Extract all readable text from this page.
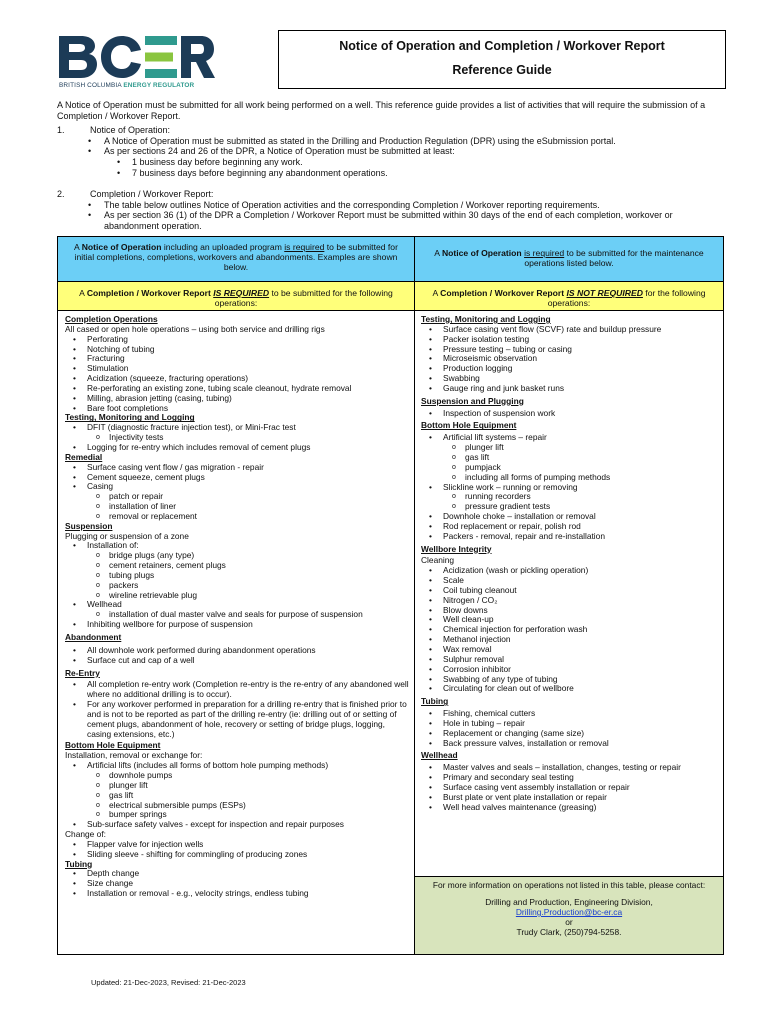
BRITISH COLUMBIA ENERGY REGULATOR
Notice of Operation and Completion / Workover Report
Reference Guide

A Notice of Operation must be submitted for all work being performed on a well. This reference guide provides a list of activities that will require the submission of a Completion / Workover Report.

1.	Notice of Operation:
• A Notice of Operation must be submitted as stated in the Drilling and Production Regulation (DPR) using the eSubmission portal.
• As per sections 24 and 26 of the DPR, a Notice of Operation must be submitted at least:
• 1 business day before beginning any work.
• 7 business days before beginning any abandonment operations.
2.	Completion / Workover Report:
• The table below outlines Notice of Operation activities and the corresponding Completion / Workover reporting requirements.
• As per section 36 (1) of the DPR a Completion / Workover Report must be submitted within 30 days of the end of each completion, workover or abandonment operation.
A Notice of Operation including an uploaded program is required to be submitted for initial completions, completions, workovers and abandonments. Examples are shown below.
A Notice of Operation is required to be submitted for the maintenance operations listed below.
A Completion / Workover Report IS REQUIRED to be submitted for the following operations:
A Completion / Workover Report IS NOT REQUIRED for the following operations:
Completion Operations
All cased or open hole operations – using both service and drilling rigs
• Perforating
• Notching of tubing
• Fracturing
• Stimulation
• Acidization (squeeze, fracturing operations)
• Re-perforating an existing zone, tubing scale cleanout, hydrate removal
• Milling, abrasion jetting (casing, tubing)
• Bare foot completions
Testing, Monitoring and Logging
• DFIT (diagnostic fracture injection test), or Mini-Frac test
o Injectivity tests
• Logging for re-entry which includes removal of cement plugs
Remedial
• Surface casing vent flow / gas migration - repair
• Cement squeeze, cement plugs
• Casing
o patch or repair
o installation of liner
o removal or replacement
Suspension
Plugging or suspension of a zone
• Installation of:
o bridge plugs (any type)
o cement retainers, cement plugs
o tubing plugs
o packers
o wireline retrievable plug
• Wellhead
o installation of dual master valve and seals for purpose of suspension
• Inhibiting wellbore for purpose of suspension
Abandonment
• All downhole work performed during abandonment operations
• Surface cut and cap of a well
Re-Entry
• All completion re-entry work (Completion re-entry is the re-entry of any abandoned well where no additional drilling is to occur).
• For any workover performed in preparation for a drilling re-entry that is finished prior to and is not to be reported as part of the drilling re-entry (ie: drilling out of or setting of cement plugs, abandonment of hole, recovery or setting of bridge plugs, logging, casing extensions, etc.)
Bottom Hole Equipment
Installation, removal or exchange for:
• Artificial lifts (includes all forms of bottom hole pumping methods)
o downhole pumps
o plunger lift
o gas lift
o electrical submersible pumps (ESPs)
o bumper springs
• Sub-surface safety valves - except for inspection and repair purposes
Change of:
• Flapper valve for injection wells
• Sliding sleeve - shifting for commingling of producing zones
Tubing
• Depth change
• Size change
• Installation or removal - e.g., velocity strings, endless tubing
Testing, Monitoring and Logging
• Surface casing vent flow (SCVF) rate and buildup pressure
• Packer isolation testing
• Pressure testing – tubing or casing
• Microseismic observation
• Production logging
• Swabbing
• Gauge ring and junk basket runs
Suspension and Plugging
• Inspection of suspension work
Bottom Hole Equipment
• Artificial lift systems – repair
o plunger lift
o gas lift
o pumpjack
o including all forms of pumping methods
• Slickline work – running or removing
o running recorders
o pressure gradient tests
• Downhole choke – installation or removal
• Rod replacement or repair, polish rod
• Packers - removal, repair and re-installation
Wellbore Integrity
Cleaning
• Acidization (wash or pickling operation)
• Scale
• Coil tubing cleanout
• Nitrogen / CO₂
• Blow downs
• Well clean-up
• Chemical injection for perforation wash
• Methanol injection
• Wax removal
• Sulphur removal
• Corrosion inhibitor
• Swabbing of any type of tubing
• Circulating for clean out of wellbore
Tubing
• Fishing, chemical cutters
• Hole in tubing – repair
• Replacement or changing (same size)
• Back pressure valves, installation or removal
Wellhead
• Master valves and seals – installation, changes, testing or repair
• Primary and secondary seal testing
• Surface casing vent assembly installation or repair
• Burst plate or vent plate installation or repair
• Well head valves maintenance (greasing)
For more information on operations not listed in this table, please contact:
Drilling and Production, Engineering Division,
Drilling.Production@bc-er.ca
or
Trudy Clark, (250)794-5258.
Updated: 21-Dec-2023, Revised: 21-Dec-2023
